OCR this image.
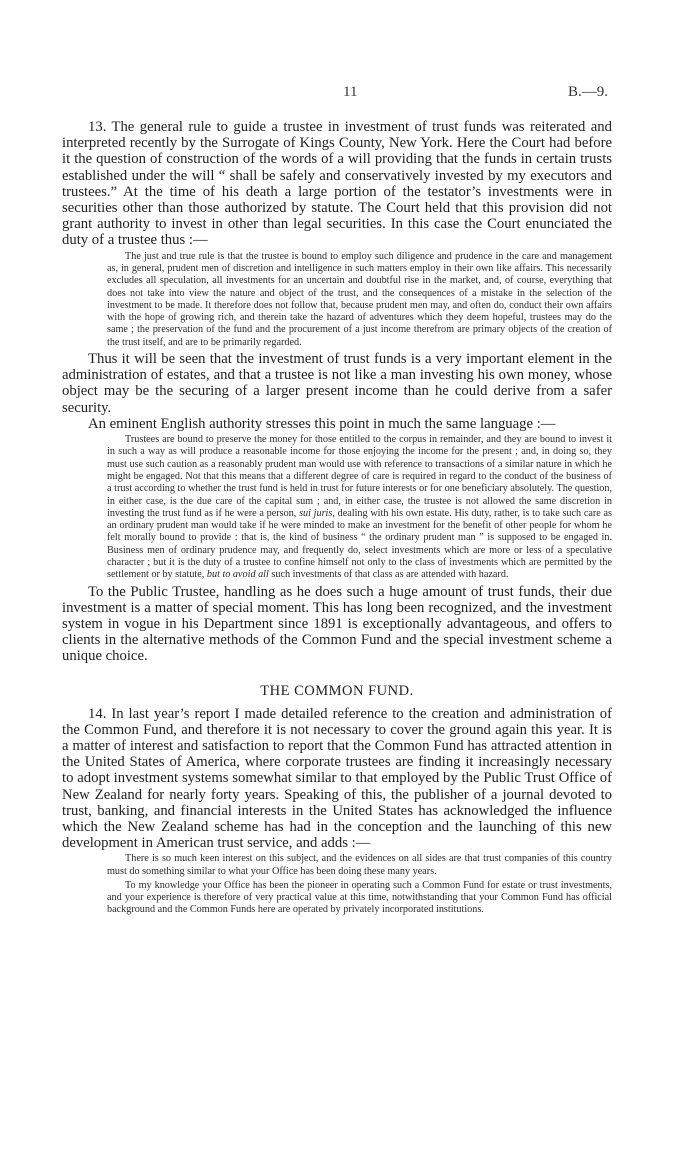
11	B.—9.

13. The general rule to guide a trustee in investment of trust funds was reiterated and interpreted recently by the Surrogate of Kings County, New York. Here the Court had before it the question of construction of the words of a will providing that the funds in certain trusts established under the will “ shall be safely and conservatively invested by my executors and trustees.” At the time of his death a large portion of the testator’s investments were in securities other than those authorized by statute. The Court held that this provision did not grant authority to invest in other than legal securities. In this case the Court enunciated the duty of a trustee thus :—

The just and true rule is that the trustee is bound to employ such diligence and prudence in the care and management as, in general, prudent men of discretion and intelligence in such matters employ in their own like affairs. This necessarily excludes all speculation, all investments for an uncertain and doubtful rise in the market, and, of course, everything that does not take into view the nature and object of the trust, and the consequences of a mistake in the selection of the investment to be made. It therefore does not follow that, because prudent men may, and often do, conduct their own affairs with the hope of growing rich, and therein take the hazard of adventures which they deem hopeful, trustees may do the same ; the preservation of the fund and the procurement of a just income therefrom are primary objects of the creation of the trust itself, and are to be primarily regarded.

Thus it will be seen that the investment of trust funds is a very important element in the administration of estates, and that a trustee is not like a man investing his own money, whose object may be the securing of a larger present income than he could derive from a safer security.

An eminent English authority stresses this point in much the same language :—

Trustees are bound to preserve the money for those entitled to the corpus in remainder, and they are bound to invest it in such a way as will produce a reasonable income for those enjoying the income for the present ; and, in doing so, they must use such caution as a reasonably prudent man would use with reference to transactions of a similar nature in which he might be engaged. Not that this means that a different degree of care is required in regard to the conduct of the business of a trust according to whether the trust fund is held in trust for future interests or for one beneficiary absolutely. The question, in either case, is the due care of the capital sum ; and, in either case, the trustee is not allowed the same discretion in investing the trust fund as if he were a person, sui juris, dealing with his own estate. His duty, rather, is to take such care as an ordinary prudent man would take if he were minded to make an investment for the benefit of other people for whom he felt morally bound to provide : that is, the kind of business “ the ordinary prudent man ” is supposed to be engaged in. Business men of ordinary prudence may, and frequently do, select investments which are more or less of a speculative character ; but it is the duty of a trustee to confine himself not only to the class of investments which are permitted by the settlement or by statute, but to avoid all such investments of that class as are attended with hazard.

To the Public Trustee, handling as he does such a huge amount of trust funds, their due investment is a matter of special moment. This has long been recognized, and the investment system in vogue in his Department since 1891 is exceptionally advantageous, and offers to clients in the alternative methods of the Common Fund and the special investment scheme a unique choice.

THE COMMON FUND.

14. In last year’s report I made detailed reference to the creation and administration of the Common Fund, and therefore it is not necessary to cover the ground again this year. It is a matter of interest and satisfaction to report that the Common Fund has attracted attention in the United States of America, where corporate trustees are finding it increasingly necessary to adopt investment systems somewhat similar to that employed by the Public Trust Office of New Zealand for nearly forty years. Speaking of this, the publisher of a journal devoted to trust, banking, and financial interests in the United States has acknowledged the influence which the New Zealand scheme has had in the conception and the launching of this new development in American trust service, and adds :—

There is so much keen interest on this subject, and the evidences on all sides are that trust companies of this country must do something similar to what your Office has been doing these many years.

To my knowledge your Office has been the pioneer in operating such a Common Fund for estate or trust investments, and your experience is therefore of very practical value at this time, notwithstanding that your Common Fund has official background and the Common Funds here are operated by privately incorporated institutions.
